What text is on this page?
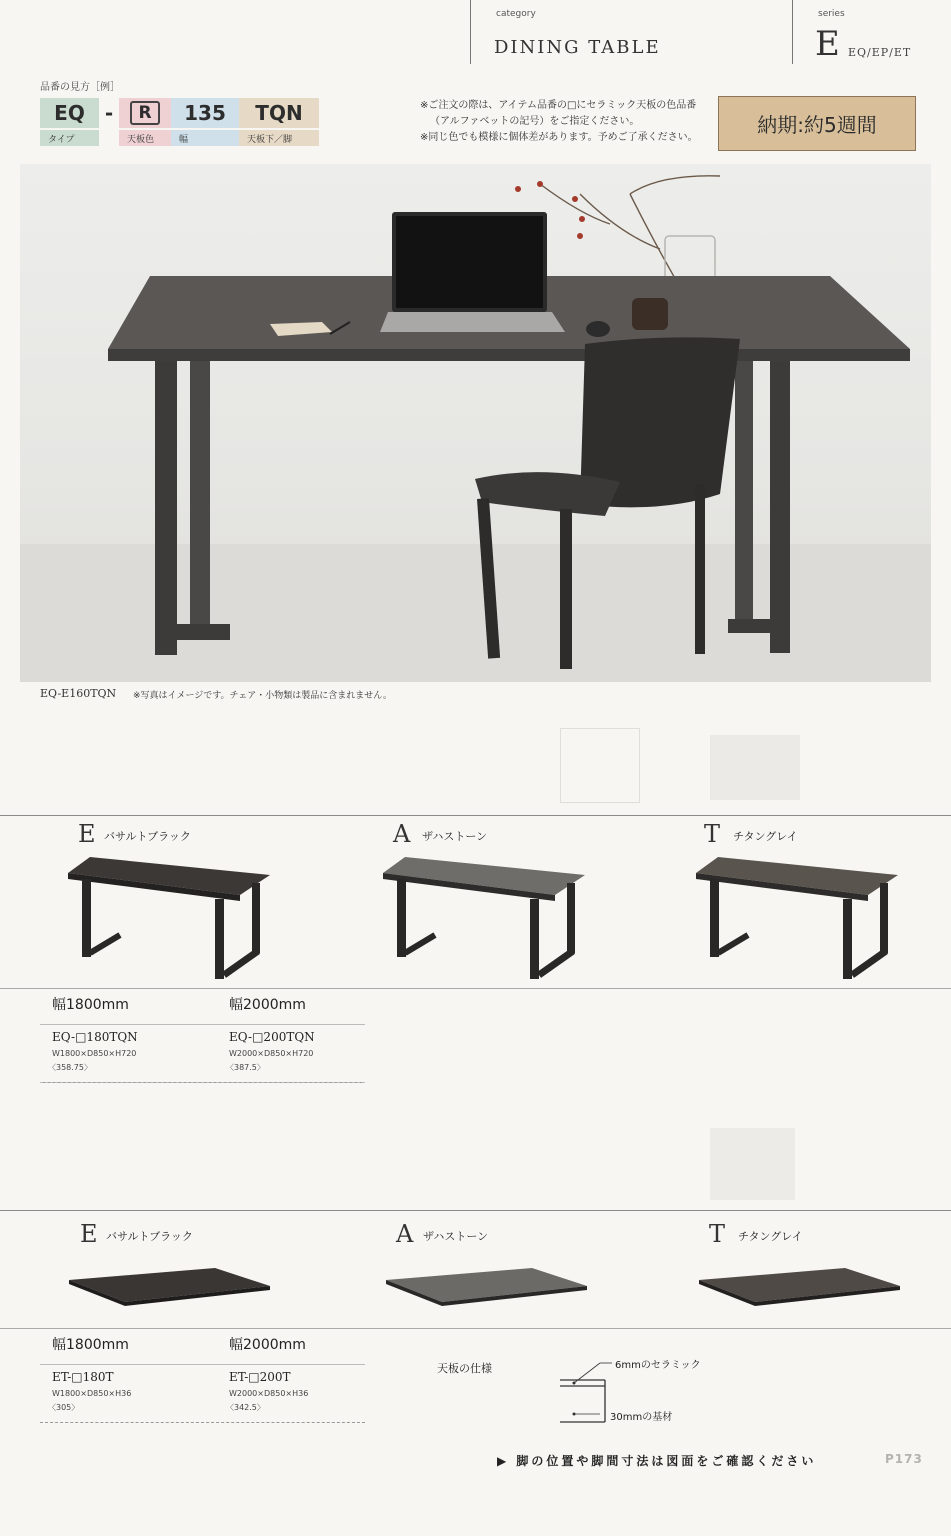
category
DINING TABLE
series
E EQ/EP/ET
品番の見方［例］
EQ -	R	135 TQN
タイプ	天板色	幅	天板下／脚
※ご注文の際は、アイテム品番の□にセラミック天板の色品番
（アルファベットの記号）をご指定ください。
※同じ色でも模様に個体差があります。予めご了承ください。
納期:約5週間
EQ-E160TQN ※写真はイメージです。チェア・小物類は製品に含まれません。
E バサルトブラック	A ザハストーン	T チタングレイ
幅1800mm
EQ-□180TQN
W1800×D850×H720
〈358.75〉
幅2000mm
EQ-□200TQN
W2000×D850×H720
〈387.5〉
E バサルトブラック	A ザハストーン	T チタングレイ
幅1800mm
ET-□180T
W1800×D850×H36
〈305〉
幅2000mm
ET-□200T
W2000×D850×H36
〈342.5〉
天板の仕様	6mmのセラミック
30mmの基材
▶ 脚の位置や脚間寸法は図面をご確認ください	P173
